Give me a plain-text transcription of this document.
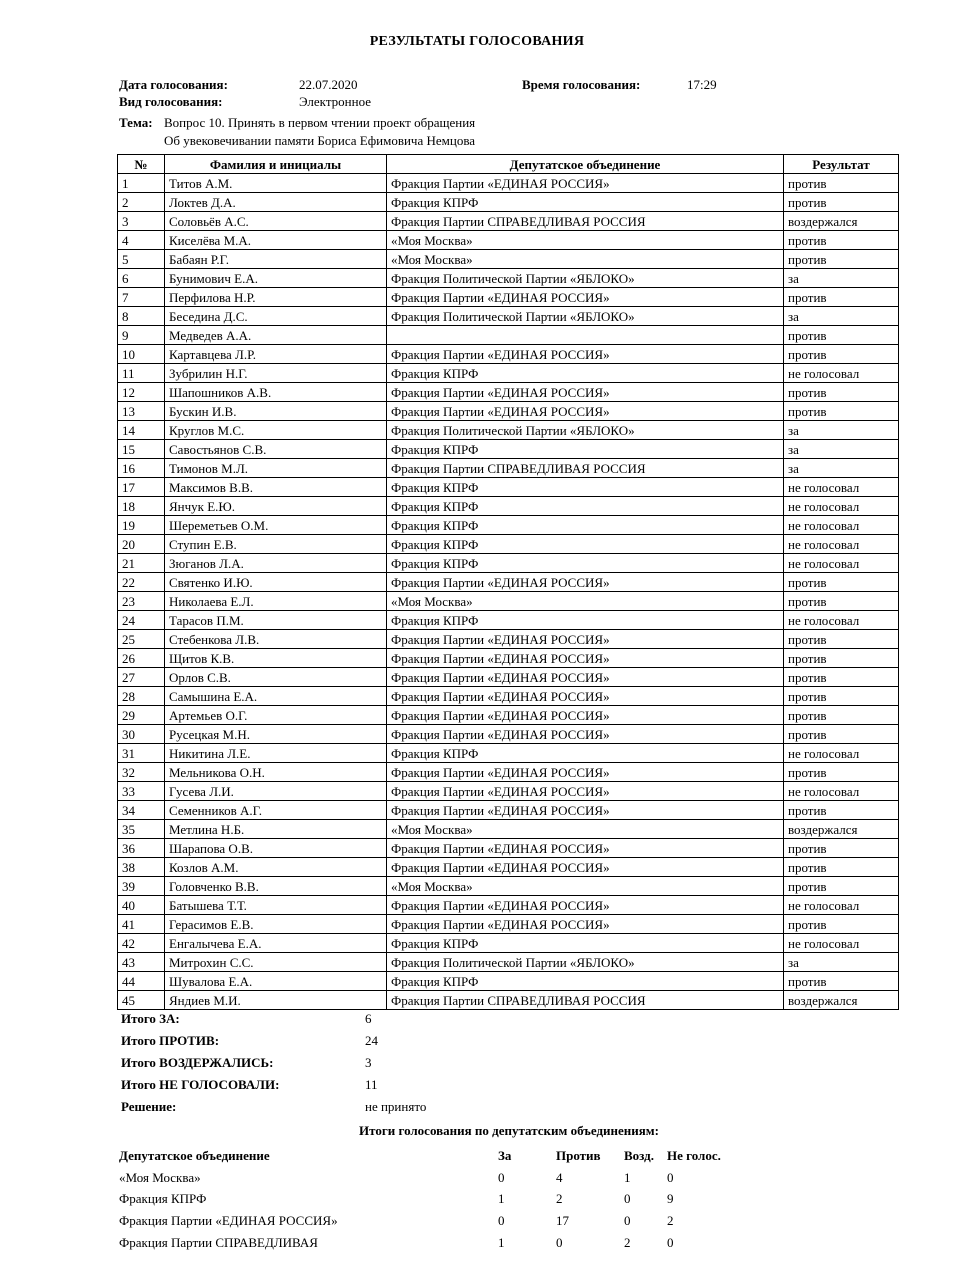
РЕЗУЛЬТАТЫ ГОЛОСОВАНИЯ
Дата голосования:	22.07.2020	Время голосования:	17:29
Вид голосования:	Электронное
Тема: Вопрос 10. Принять в первом чтении проект обращения
Об увековечивании памяти Бориса Ефимовича Немцова
№	Фамилия и инициалы	Депутатское объединение	Результат
1	Титов А.М.	Фракция Партии «ЕДИНАЯ РОССИЯ»	против
2	Локтев Д.А.	Фракция КПРФ	против
3	Соловьёв А.С.	Фракция Партии СПРАВЕДЛИВАЯ РОССИЯ	воздержался
4	Киселёва М.А.	«Моя Москва»	против
5	Бабаян Р.Г.	«Моя Москва»	против
6	Бунимович Е.А.	Фракция Политической Партии «ЯБЛОКО»	за
7	Перфилова Н.Р.	Фракция Партии «ЕДИНАЯ РОССИЯ»	против
8	Беседина Д.С.	Фракция Политической Партии «ЯБЛОКО»	за
9	Медведев А.А.		против
10	Картавцева Л.Р.	Фракция Партии «ЕДИНАЯ РОССИЯ»	против
11	Зубрилин Н.Г.	Фракция КПРФ	не голосовал
12	Шапошников А.В.	Фракция Партии «ЕДИНАЯ РОССИЯ»	против
13	Бускин И.В.	Фракция Партии «ЕДИНАЯ РОССИЯ»	против
14	Круглов М.С.	Фракция Политической Партии «ЯБЛОКО»	за
15	Савостьянов С.В.	Фракция КПРФ	за
16	Тимонов М.Л.	Фракция Партии СПРАВЕДЛИВАЯ РОССИЯ	за
17	Максимов В.В.	Фракция КПРФ	не голосовал
18	Янчук Е.Ю.	Фракция КПРФ	не голосовал
19	Шереметьев О.М.	Фракция КПРФ	не голосовал
20	Ступин Е.В.	Фракция КПРФ	не голосовал
21	Зюганов Л.А.	Фракция КПРФ	не голосовал
22	Святенко И.Ю.	Фракция Партии «ЕДИНАЯ РОССИЯ»	против
23	Николаева Е.Л.	«Моя Москва»	против
24	Тарасов П.М.	Фракция КПРФ	не голосовал
25	Стебенкова Л.В.	Фракция Партии «ЕДИНАЯ РОССИЯ»	против
26	Щитов К.В.	Фракция Партии «ЕДИНАЯ РОССИЯ»	против
27	Орлов С.В.	Фракция Партии «ЕДИНАЯ РОССИЯ»	против
28	Самышина Е.А.	Фракция Партии «ЕДИНАЯ РОССИЯ»	против
29	Артемьев О.Г.	Фракция Партии «ЕДИНАЯ РОССИЯ»	против
30	Русецкая М.Н.	Фракция Партии «ЕДИНАЯ РОССИЯ»	против
31	Никитина Л.Е.	Фракция КПРФ	не голосовал
32	Мельникова О.Н.	Фракция Партии «ЕДИНАЯ РОССИЯ»	против
33	Гусева Л.И.	Фракция Партии «ЕДИНАЯ РОССИЯ»	не голосовал
34	Семенников А.Г.	Фракция Партии «ЕДИНАЯ РОССИЯ»	против
35	Метлина Н.Б.	«Моя Москва»	воздержался
36	Шарапова О.В.	Фракция Партии «ЕДИНАЯ РОССИЯ»	против
38	Козлов А.М.	Фракция Партии «ЕДИНАЯ РОССИЯ»	против
39	Головченко В.В.	«Моя Москва»	против
40	Батышева Т.Т.	Фракция Партии «ЕДИНАЯ РОССИЯ»	не голосовал
41	Герасимов Е.В.	Фракция Партии «ЕДИНАЯ РОССИЯ»	против
42	Енгалычева Е.А.	Фракция КПРФ	не голосовал
43	Митрохин С.С.	Фракция Политической Партии «ЯБЛОКО»	за
44	Шувалова Е.А.	Фракция КПРФ	против
45	Яндиев М.И.	Фракция Партии СПРАВЕДЛИВАЯ РОССИЯ	воздержался
Итого ЗА:	6
Итого ПРОТИВ:	24
Итого ВОЗДЕРЖАЛИСЬ:	3
Итого НЕ ГОЛОСОВАЛИ:	11
Решение:	не принято
Итоги голосования по депутатским объединениям:
Депутатское объединение	За	Против Возд. Не голос.
«Моя Москва»	0	4	1	0
Фракция КПРФ	1	2	0	9
Фракция Партии «ЕДИНАЯ РОССИЯ»	0	17	0	2
Фракция Партии СПРАВЕДЛИВАЯ	1	0	2	0
